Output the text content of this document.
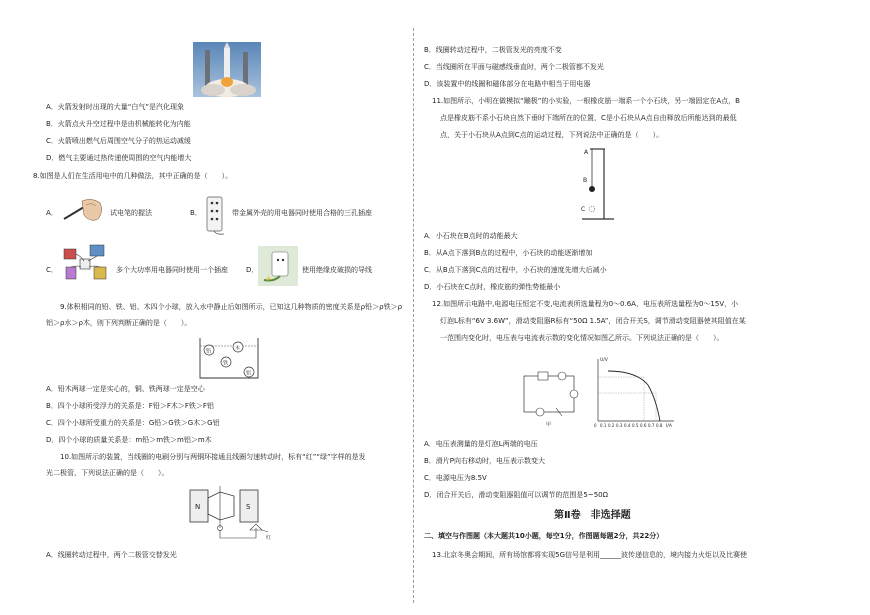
A．火箭发射时出现的大量“白气”是汽化现象
B．火箭点火升空过程中是由机械能转化为内能
C．火箭喷出燃气后周围空气分子的热运动减缓
D．燃气主要通过热传递使周围的空气内能增大
8.如图是人们在生活用电中的几种做法，其中正确的是（　　）。
A．	试电笔的握法	B．	带金属外壳的用电器同时使用合格的三孔插座
C．	多个大功率用电器同时使用一个插座	D．	使用绝缘皮破损的导线
9.体积相同的铅、铁、铝、木四个小球，放入水中静止后如图所示，已知这几种物质的密度关系是ρ铅＞ρ铁＞ρ
铝＞ρ水＞ρ木，则下列判断正确的是（　　）。
铅	木
铁
铝
A．铅木两球一定是实心的，铜、铁两球一定是空心
B．四个小球所受浮力的关系是：F铅＞F木＞F铁＞F铝
C．四个小球所受重力的关系是：G铅＞G铁＞G木＞G铝
D．四个小球的质量关系是：m铅＞m铁＞m铝＞m木
10.如图所示的装置，当线圈的电刷分别与两铜环接通且线圈匀速转动时，标有“红”“绿”字样的是发
光二极管，下列说法正确的是（　　）。
N	S
红
A．线圈转动过程中，两个二极管交替发光
B．线圈转动过程中，二极管发光的亮度不变
C．当线圈所在平面与磁感线垂直时，两个二极管都不发光
D．该装置中的线圈和磁体部分在电路中相当于用电器
11.如图所示，小明在做模拟“蹦极”的小实验，一根橡皮筋一端系一个小石块，另一端固定在A点，B
点是橡皮筋不系小石块自然下垂时下端所在的位置，C是小石块从A点自由释放后所能达到的最低
点，关于小石块从A点到C点的运动过程，下列说法中正确的是（　　）。
A
B
C
A．小石块在B点时的动能最大
B．从A点下落到B点的过程中，小石块的动能逐渐增加
C．从B点下落到C点的过程中，小石块的速度先增大后减小
D．小石块在C点时，橡皮筋的弹性势能最小
12.如图所示电路中,电源电压恒定不变,电流表所选量程为0～0.6A，电压表所选量程为0～15V，小
灯泡L标有“6V 3.6W”，滑动变阻器R标有“50Ω 1.5A”，闭合开关S，调节滑动变阻器使其阻值在某
一范围内变化时，电压表与电流表示数的变化情况如图乙所示。下列说法正确的是（　　）。
甲
U/V
I/A
0 0.1 0.2 0.3 0.4 0.5 0.6 0.7 0.8
A．电压表测量的是灯泡L两端的电压
B．滑片P向右移动时，电压表示数变大
C．电源电压为8.5V
D．闭合开关后，滑动变阻器阻值可以调节的范围是5~50Ω
第Ⅱ卷　非选择题
二、填空与作图题（本大题共10小题，每空1分，作图题每题2分，共22分）
13.北京冬奥会期间，所有场馆都将实现5G信号是利用______波传递信息的，境内接力火炬以及比赛使
